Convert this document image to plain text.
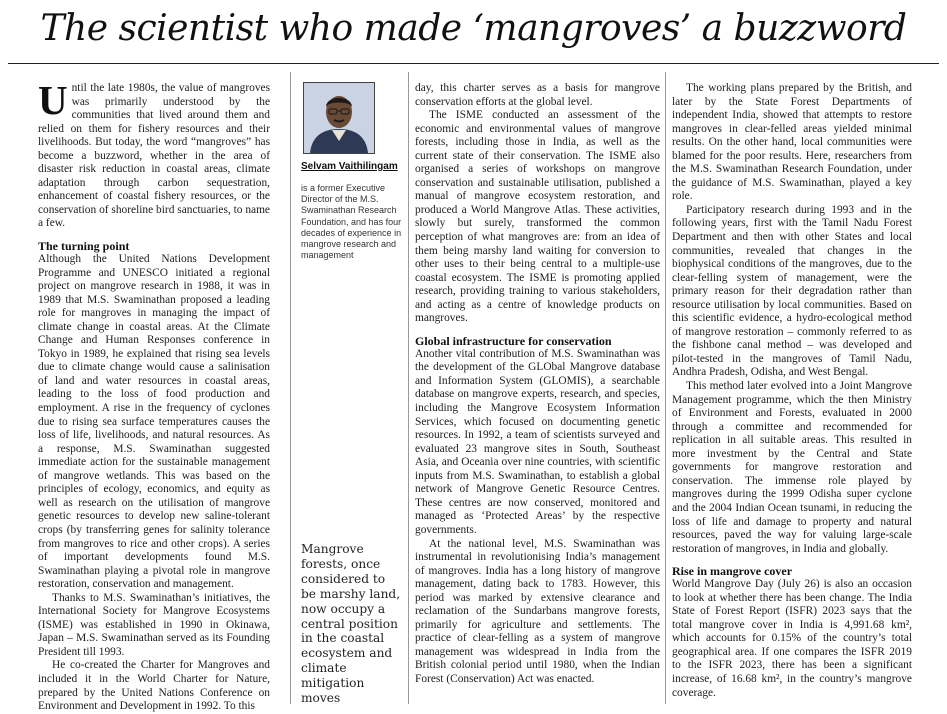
The scientist who made ‘mangroves’ a buzzword

Until the late 1980s, the value of mangroves was primarily understood by the communities that lived around them and relied on them for fishery resources and their livelihoods. But today, the word “mangroves” has become a buzzword, whether in the area of disaster risk reduction in coastal areas, climate adaptation through carbon sequestration, enhancement of coastal fishery resources, or the conservation of shoreline bird sanctuaries, to name a few.

The turning point

Although the United Nations Development Programme and UNESCO initiated a regional project on mangrove research in 1988, it was in 1989 that M.S. Swaminathan proposed a leading role for mangroves in managing the impact of climate change in coastal areas. At the Climate Change and Human Responses conference in Tokyo in 1989, he explained that rising sea levels due to climate change would cause a salinisation of land and water resources in coastal areas, leading to the loss of food production and employment. A rise in the frequency of cyclones due to rising sea surface temperatures causes the loss of life, livelihoods, and natural resources. As a response, M.S. Swaminathan suggested immediate action for the sustainable management of mangrove wetlands. This was based on the principles of ecology, economics, and equity as well as research on the utilisation of mangrove genetic resources to develop new saline-tolerant crops (by transferring genes for salinity tolerance from mangroves to rice and other crops). A series of important developments found M.S. Swaminathan playing a pivotal role in mangrove restoration, conservation and management.

Thanks to M.S. Swaminathan’s initiatives, the International Society for Mangrove Ecosystems (ISME) was established in 1990 in Okinawa, Japan – M.S. Swaminathan served as its Founding President till 1993.

He co-created the Charter for Mangroves and included it in the World Charter for Nature, prepared by the United Nations Conference on Environment and Development in 1992. To this

Selvam Vaithilingam
is a former Executive Director of the M.S. Swaminathan Research Foundation, and has four decades of experience in mangrove research and management
Mangrove forests, once considered to be marshy land, now occupy a central position in the coastal ecosystem and climate mitigation moves

day, this charter serves as a basis for mangrove conservation efforts at the global level.

The ISME conducted an assessment of the economic and environmental values of mangrove forests, including those in India, as well as the current state of their conservation. The ISME also organised a series of workshops on mangrove conservation and sustainable utilisation, published a manual of mangrove ecosystem restoration, and produced a World Mangrove Atlas. These activities, slowly but surely, transformed the common perception of what mangroves are: from an idea of them being marshy land waiting for conversion to other uses to their being central to a multiple-use coastal ecosystem. The ISME is promoting applied research, providing training to various stakeholders, and acting as a centre of knowledge products on mangroves.

Global infrastructure for conservation

Another vital contribution of M.S. Swaminathan was the development of the GLObal Mangrove database and Information System (GLOMIS), a searchable database on mangrove experts, research, and species, including the Mangrove Ecosystem Information Services, which focused on documenting genetic resources. In 1992, a team of scientists surveyed and evaluated 23 mangrove sites in South, Southeast Asia, and Oceania over nine countries, with scientific inputs from M.S. Swaminathan, to establish a global network of Mangrove Genetic Resource Centres. These centres are now conserved, monitored and managed as ‘Protected Areas’ by the respective governments.

At the national level, M.S. Swaminathan was instrumental in revolutionising India’s management of mangroves. India has a long history of mangrove management, dating back to 1783. However, this period was marked by extensive clearance and reclamation of the Sundarbans mangrove forests, primarily for agriculture and settlements. The practice of clear-felling as a system of mangrove management was widespread in India from the British colonial period until 1980, when the Indian Forest (Conservation) Act was enacted.

The working plans prepared by the British, and later by the State Forest Departments of independent India, showed that attempts to restore mangroves in clear-felled areas yielded minimal results. On the other hand, local communities were blamed for the poor results. Here, researchers from the M.S. Swaminathan Research Foundation, under the guidance of M.S. Swaminathan, played a key role.

Participatory research during 1993 and in the following years, first with the Tamil Nadu Forest Department and then with other States and local communities, revealed that changes in the biophysical conditions of the mangroves, due to the clear-felling system of management, were the primary reason for their degradation rather than resource utilisation by local communities. Based on this scientific evidence, a hydro-ecological method of mangrove restoration – commonly referred to as the fishbone canal method – was developed and pilot-tested in the mangroves of Tamil Nadu, Andhra Pradesh, Odisha, and West Bengal.

This method later evolved into a Joint Mangrove Management programme, which the then Ministry of Environment and Forests, evaluated in 2000 through a committee and recommended for replication in all suitable areas. This resulted in more investment by the Central and State governments for mangrove restoration and conservation. The immense role played by mangroves during the 1999 Odisha super cyclone and the 2004 Indian Ocean tsunami, in reducing the loss of life and damage to property and natural resources, paved the way for valuing large-scale restoration of mangroves, in India and globally.

Rise in mangrove cover

World Mangrove Day (July 26) is also an occasion to look at whether there has been change. The India State of Forest Report (ISFR) 2023 says that the total mangrove cover in India is 4,991.68 km², which accounts for 0.15% of the country’s total geographical area. If one compares the ISFR 2019 to the ISFR 2023, there has been a significant increase, of 16.68 km², in the country’s mangrove coverage.
